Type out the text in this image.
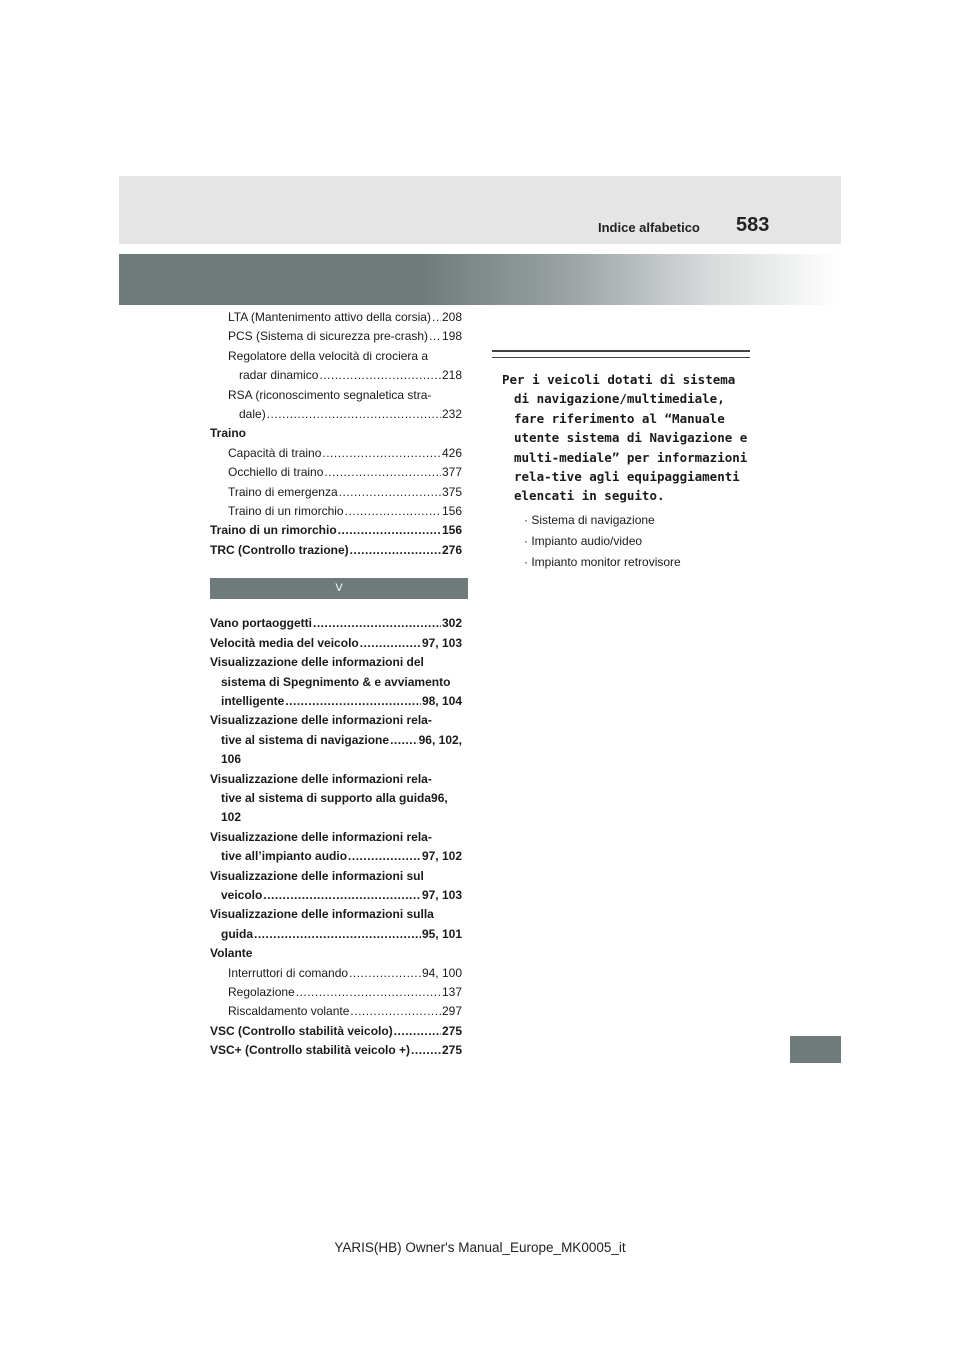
Indice alfabetico 583
LTA (Mantenimento attivo della corsia) ..... 208
PCS (Sistema di sicurezza pre-crash) ..... 198
Regolatore della velocità di crociera a
radar dinamico .....	218
RSA (riconoscimento segnaletica stra-
dale) .....	232
Traino
Capacità di traino .....	426
Occhiello di traino .....	377
Traino di emergenza .....	375
Traino di un rimorchio .....	156
Traino di un rimorchio .....	156
TRC (Controllo trazione) .....	276
V
Vano portaoggetti .....	302
Velocità media del veicolo .....	97, 103
Visualizzazione delle informazioni del
sistema di Spegnimento & e avviamento
intelligente .....	98, 104
Visualizzazione delle informazioni rela-
tive al sistema di navigazione ..... 96, 102,
106
Visualizzazione delle informazioni rela-
tive al sistema di supporto alla guida96,
102
Visualizzazione delle informazioni rela-
tive all’impianto audio .....	97, 102
Visualizzazione delle informazioni sul
veicolo .....	97, 103
Visualizzazione delle informazioni sulla
guida .....	95, 101
Volante
Interruttori di comando .....	94, 100
Regolazione .....	137
Riscaldamento volante .....	297
VSC (Controllo stabilità veicolo) .....	275
VSC+ (Controllo stabilità veicolo +) .....	275
Per i veicoli dotati di sistema di navigazione/multimediale, fare riferimento al “Manuale utente sistema di Navigazione e multi-mediale” per informazioni rela-tive agli equipaggiamenti elencati in seguito.
· Sistema di navigazione
· Impianto audio/video
· Impianto monitor retrovisore
YARIS(HB) Owner's Manual_Europe_MK0005_it
